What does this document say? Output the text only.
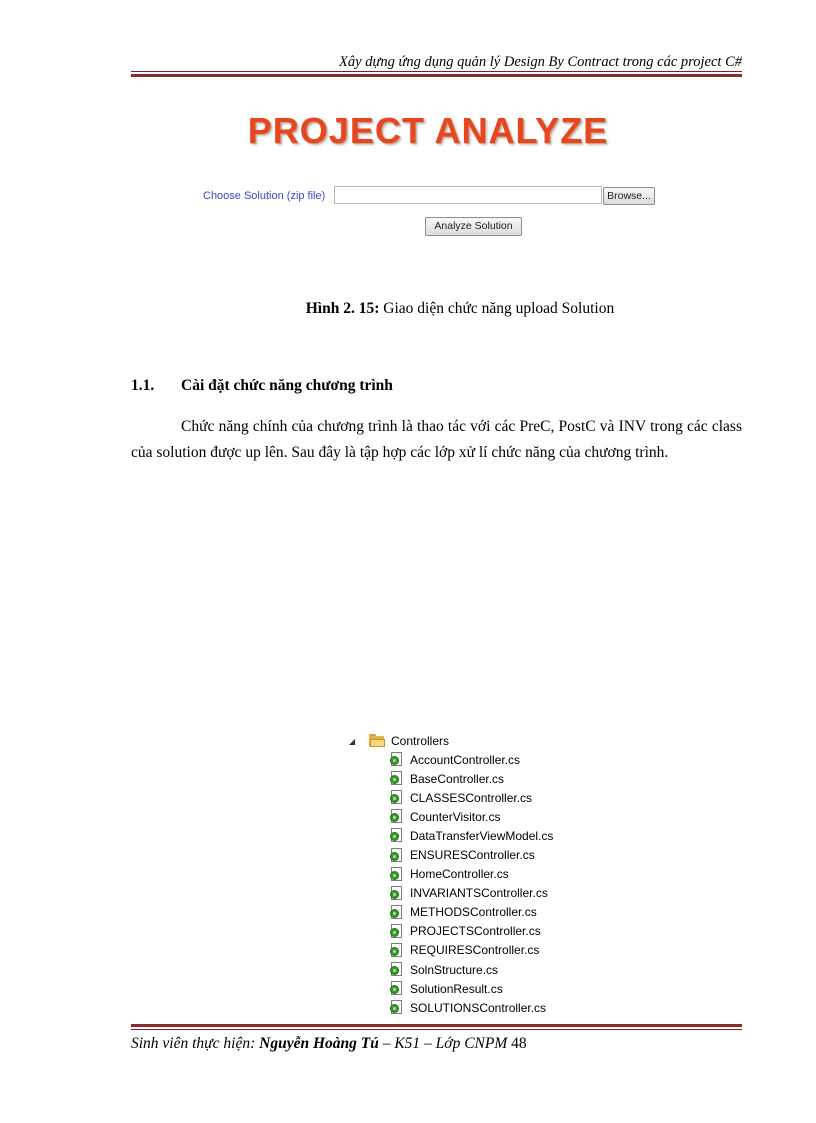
Xây dựng ứng dụng quản lý Design By Contract trong các project C#
PROJECT ANALYZE
Choose Solution (zip file)	Browse...
Analyze Solution
Hình 2. 15: Giao diện chức năng upload Solution
1.1. Cài đặt chức năng chương trình
Chức năng chính của chương trình là thao tác với các PreC, PostC và INV trong các class của solution được up lên. Sau đây là tập hợp các lớp xử lí chức năng của chương trình.
◢	Controllers
AccountController.cs
BaseController.cs
CLASSESController.cs
CounterVisitor.cs
DataTransferViewModel.cs
ENSURESController.cs
HomeController.cs
INVARIANTSController.cs
METHODSController.cs
PROJECTSController.cs
REQUIRESController.cs
SolnStructure.cs
SolutionResult.cs
SOLUTIONSController.cs
Sinh viên thực hiện: Nguyễn Hoàng Tú – K51 – Lớp CNPM 48
